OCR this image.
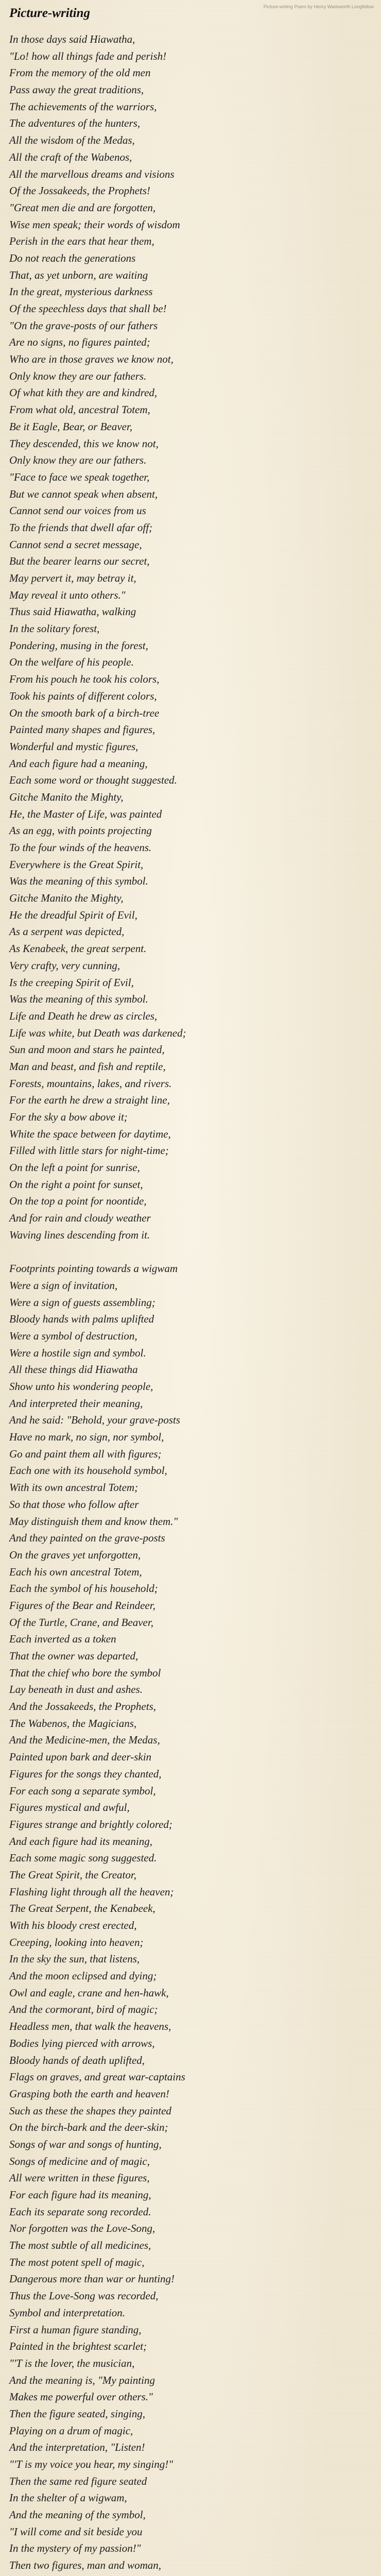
Picture-writing	Picture-writing Poem by Henry Wadsworth Longfellow
In those days said Hiawatha,
"Lo! how all things fade and perish!
From the memory of the old men
Pass away the great traditions,
The achievements of the warriors,
The adventures of the hunters,
All the wisdom of the Medas,
All the craft of the Wabenos,
All the marvellous dreams and visions
Of the Jossakeeds, the Prophets!
"Great men die and are forgotten,
Wise men speak; their words of wisdom
Perish in the ears that hear them,
Do not reach the generations
That, as yet unborn, are waiting
In the great, mysterious darkness
Of the speechless days that shall be!
"On the grave-posts of our fathers
Are no signs, no figures painted;
Who are in those graves we know not,
Only know they are our fathers.
Of what kith they are and kindred,
From what old, ancestral Totem,
Be it Eagle, Bear, or Beaver,
They descended, this we know not,
Only know they are our fathers.
"Face to face we speak together,
But we cannot speak when absent,
Cannot send our voices from us
To the friends that dwell afar off;
Cannot send a secret message,
But the bearer learns our secret,
May pervert it, may betray it,
May reveal it unto others."
Thus said Hiawatha, walking
In the solitary forest,
Pondering, musing in the forest,
On the welfare of his people.
From his pouch he took his colors,
Took his paints of different colors,
On the smooth bark of a birch-tree
Painted many shapes and figures,
Wonderful and mystic figures,
And each figure had a meaning,
Each some word or thought suggested.
Gitche Manito the Mighty,
He, the Master of Life, was painted
As an egg, with points projecting
To the four winds of the heavens.
Everywhere is the Great Spirit,
Was the meaning of this symbol.
Gitche Manito the Mighty,
He the dreadful Spirit of Evil,
As a serpent was depicted,
As Kenabeek, the great serpent.
Very crafty, very cunning,
Is the creeping Spirit of Evil,
Was the meaning of this symbol.
Life and Death he drew as circles,
Life was white, but Death was darkened;
Sun and moon and stars he painted,
Man and beast, and fish and reptile,
Forests, mountains, lakes, and rivers.
For the earth he drew a straight line,
For the sky a bow above it;
White the space between for daytime,
Filled with little stars for night-time;
On the left a point for sunrise,
On the right a point for sunset,
On the top a point for noontide,
And for rain and cloudy weather
Waving lines descending from it.
Footprints pointing towards a wigwam
Were a sign of invitation,
Were a sign of guests assembling;
Bloody hands with palms uplifted
Were a symbol of destruction,
Were a hostile sign and symbol.
All these things did Hiawatha
Show unto his wondering people,
And interpreted their meaning,
And he said: "Behold, your grave-posts
Have no mark, no sign, nor symbol,
Go and paint them all with figures;
Each one with its household symbol,
With its own ancestral Totem;
So that those who follow after
May distinguish them and know them."
And they painted on the grave-posts
On the graves yet unforgotten,
Each his own ancestral Totem,
Each the symbol of his household;
Figures of the Bear and Reindeer,
Of the Turtle, Crane, and Beaver,
Each inverted as a token
That the owner was departed,
That the chief who bore the symbol
Lay beneath in dust and ashes.
And the Jossakeeds, the Prophets,
The Wabenos, the Magicians,
And the Medicine-men, the Medas,
Painted upon bark and deer-skin
Figures for the songs they chanted,
For each song a separate symbol,
Figures mystical and awful,
Figures strange and brightly colored;
And each figure had its meaning,
Each some magic song suggested.
The Great Spirit, the Creator,
Flashing light through all the heaven;
The Great Serpent, the Kenabeek,
With his bloody crest erected,
Creeping, looking into heaven;
In the sky the sun, that listens,
And the moon eclipsed and dying;
Owl and eagle, crane and hen-hawk,
And the cormorant, bird of magic;
Headless men, that walk the heavens,
Bodies lying pierced with arrows,
Bloody hands of death uplifted,
Flags on graves, and great war-captains
Grasping both the earth and heaven!
Such as these the shapes they painted
On the birch-bark and the deer-skin;
Songs of war and songs of hunting,
Songs of medicine and of magic,
All were written in these figures,
For each figure had its meaning,
Each its separate song recorded.
Nor forgotten was the Love-Song,
The most subtle of all medicines,
The most potent spell of magic,
Dangerous more than war or hunting!
Thus the Love-Song was recorded,
Symbol and interpretation.
First a human figure standing,
Painted in the brightest scarlet;
"'T is the lover, the musician,
And the meaning is, "My painting
Makes me powerful over others."
Then the figure seated, singing,
Playing on a drum of magic,
And the interpretation, "Listen!
"'T is my voice you hear, my singing!"
Then the same red figure seated
In the shelter of a wigwam,
And the meaning of the symbol,
"I will come and sit beside you
In the mystery of my passion!"
Then two figures, man and woman,
